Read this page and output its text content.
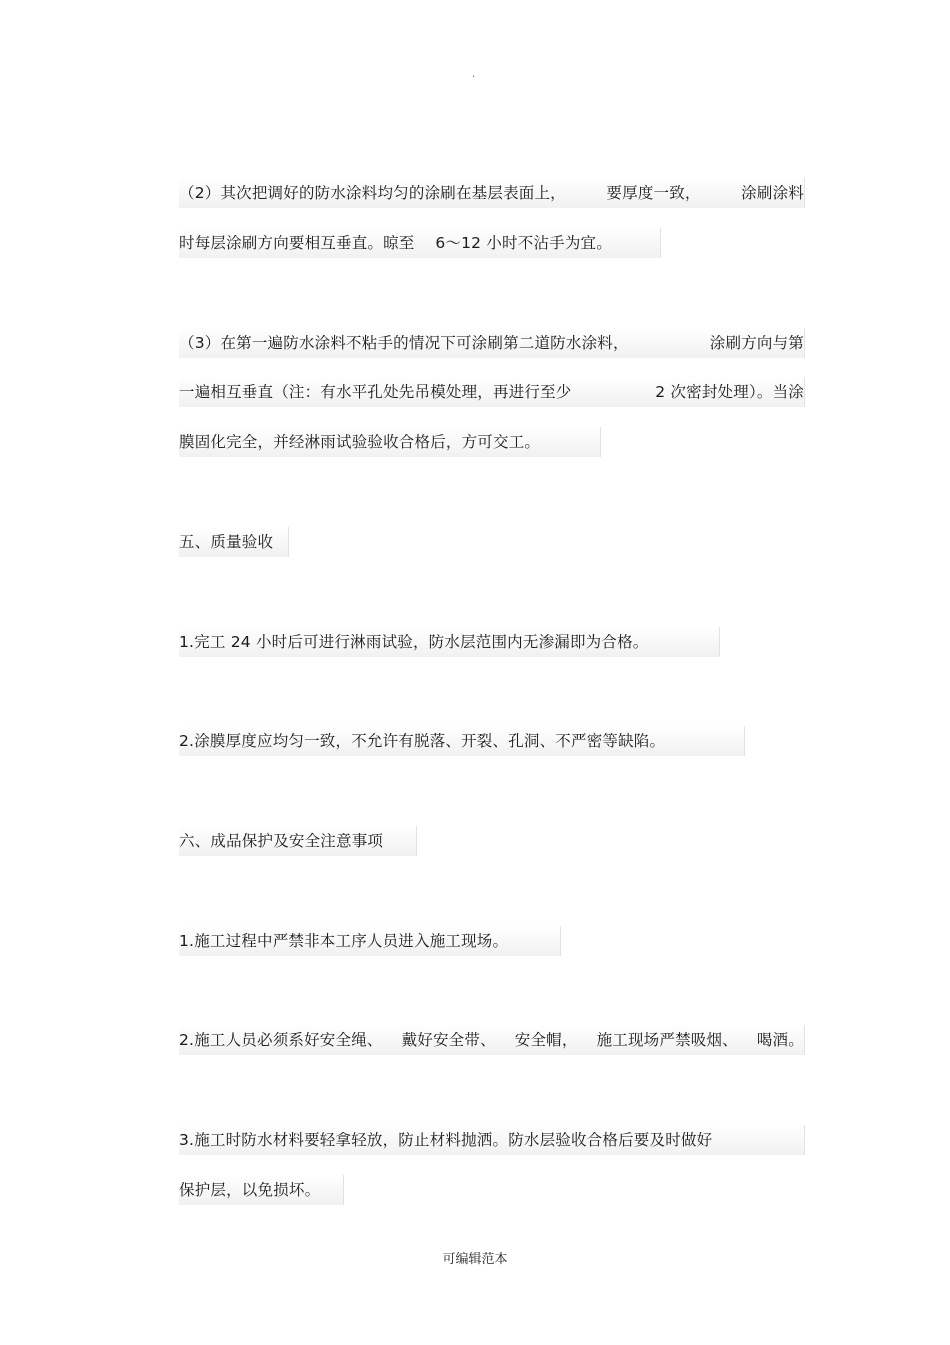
·
（2）其次把调好的防水涂料均匀的涂刷在基层表面上，	要厚度一致，	涂刷涂料
时每层涂刷方向要相互垂直。晾至　 6～12 小时不沾手为宜。
（3）在第一遍防水涂料不粘手的情况下可涂刷第二道防水涂料，	涂刷方向与第
一遍相互垂直（注：有水平孔处先吊模处理，再进行至少	2 次密封处理）。当涂
膜固化完全，并经淋雨试验验收合格后，方可交工。
五、质量验收
1.完工 24 小时后可进行淋雨试验，防水层范围内无渗漏即为合格。
2.涂膜厚度应均匀一致，不允许有脱落、开裂、孔洞、不严密等缺陷。
六、成品保护及安全注意事项
1.施工过程中严禁非本工序人员进入施工现场。
2.施工人员必须系好安全绳、 戴好安全带、 安全帽， 施工现场严禁吸烟、 喝酒。
3.施工时防水材料要轻拿轻放，防止材料抛洒。防水层验收合格后要及时做好
保护层，以免损坏。
可编辑范本
